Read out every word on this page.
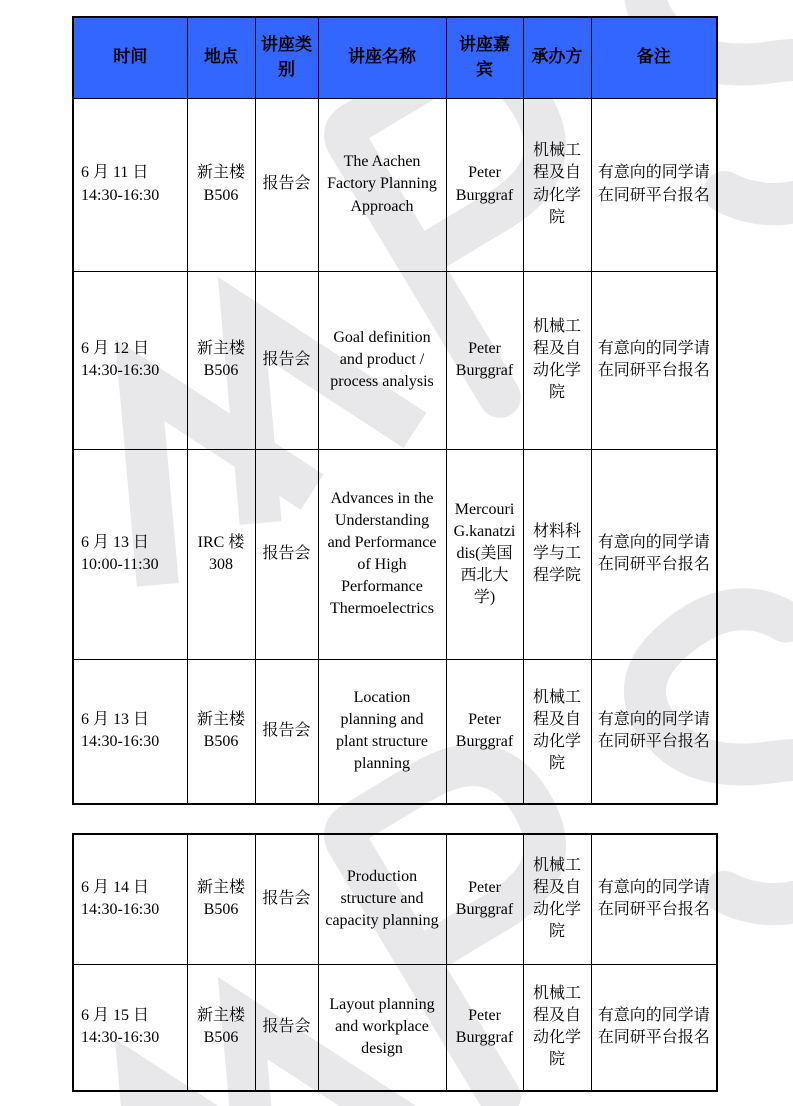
时间	地点	讲座类别	讲座名称	讲座嘉宾	承办方	备注
6 月 11 日 14:30-16:30	新主楼 B506	报告会	The Aachen Factory Planning Approach	Peter Burggraf	机械工程及自动化学院	有意向的同学请在同研平台报名
6 月 12 日 14:30-16:30	新主楼 B506	报告会	Goal definition and product / process analysis	Peter Burggraf	机械工程及自动化学院	有意向的同学请在同研平台报名
6 月 13 日 10:00-11:30	IRC 楼 308	报告会	Advances in the Understanding and Performance of High Performance Thermoelectrics	Mercouri G.kanatzidis(美国西北大学)	材料科学与工程学院	有意向的同学请在同研平台报名
6 月 13 日 14:30-16:30	新主楼 B506	报告会	Location planning and plant structure planning	Peter Burggraf	机械工程及自动化学院	有意向的同学请在同研平台报名
6 月 14 日 14:30-16:30	新主楼 B506	报告会	Production structure and capacity planning	Peter Burggraf	机械工程及自动化学院	有意向的同学请在同研平台报名
6 月 15 日 14:30-16:30	新主楼 B506	报告会	Layout planning and workplace design	Peter Burggraf	机械工程及自动化学院	有意向的同学请在同研平台报名
